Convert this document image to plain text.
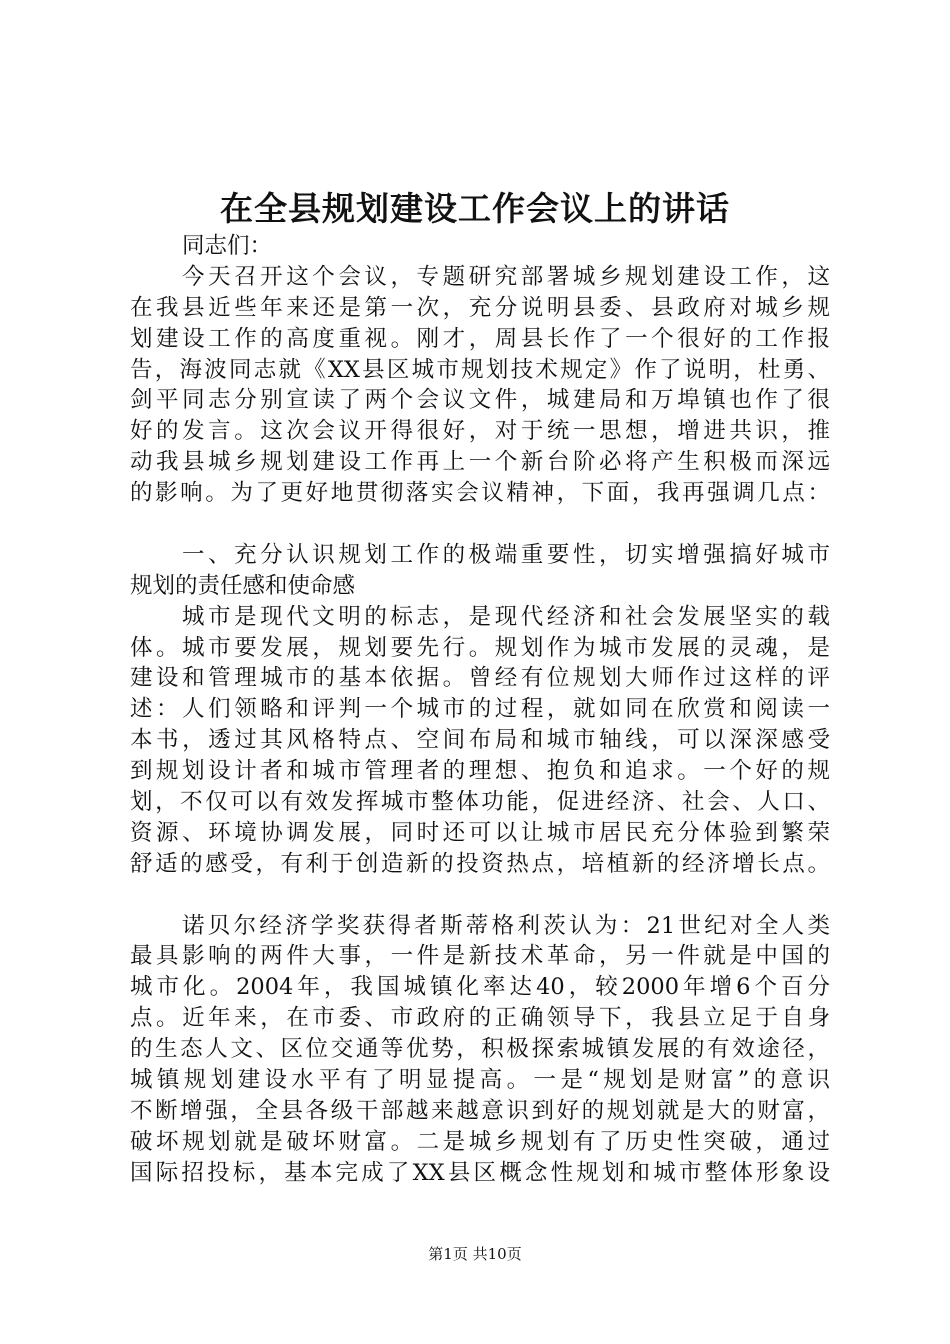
在全县规划建设工作会议上的讲话
同志们：
今天召开这个会议，专题研究部署城乡规划建设工作，这
在我县近些年来还是第一次，充分说明县委、县政府对城乡规
划建设工作的高度重视。刚才，周县长作了一个很好的工作报
告，海波同志就《XX县区城市规划技术规定》作了说明，杜勇、
剑平同志分别宣读了两个会议文件，城建局和万埠镇也作了很
好的发言。这次会议开得很好，对于统一思想，增进共识，推
动我县城乡规划建设工作再上一个新台阶必将产生积极而深远
的影响。为了更好地贯彻落实会议精神，下面，我再强调几点：
一、充分认识规划工作的极端重要性，切实增强搞好城市
规划的责任感和使命感
城市是现代文明的标志，是现代经济和社会发展坚实的载
体。城市要发展，规划要先行。规划作为城市发展的灵魂，是
建设和管理城市的基本依据。曾经有位规划大师作过这样的评
述：人们领略和评判一个城市的过程，就如同在欣赏和阅读一
本书，透过其风格特点、空间布局和城市轴线，可以深深感受
到规划设计者和城市管理者的理想、抱负和追求。一个好的规
划，不仅可以有效发挥城市整体功能，促进经济、社会、人口、
资源、环境协调发展，同时还可以让城市居民充分体验到繁荣
舒适的感受，有利于创造新的投资热点，培植新的经济增长点。
诺贝尔经济学奖获得者斯蒂格利茨认为：21世纪对全人类
最具影响的两件大事，一件是新技术革命，另一件就是中国的
城市化。2004年，我国城镇化率达40，较2000年增6个百分
点。近年来，在市委、市政府的正确领导下，我县立足于自身
的生态人文、区位交通等优势，积极探索城镇发展的有效途径，
城镇规划建设水平有了明显提高。一是“规划是财富”的意识
不断增强，全县各级干部越来越意识到好的规划就是大的财富，
破坏规划就是破坏财富。二是城乡规划有了历史性突破，通过
国际招投标，基本完成了XX县区概念性规划和城市整体形象设
第1页 共10页
